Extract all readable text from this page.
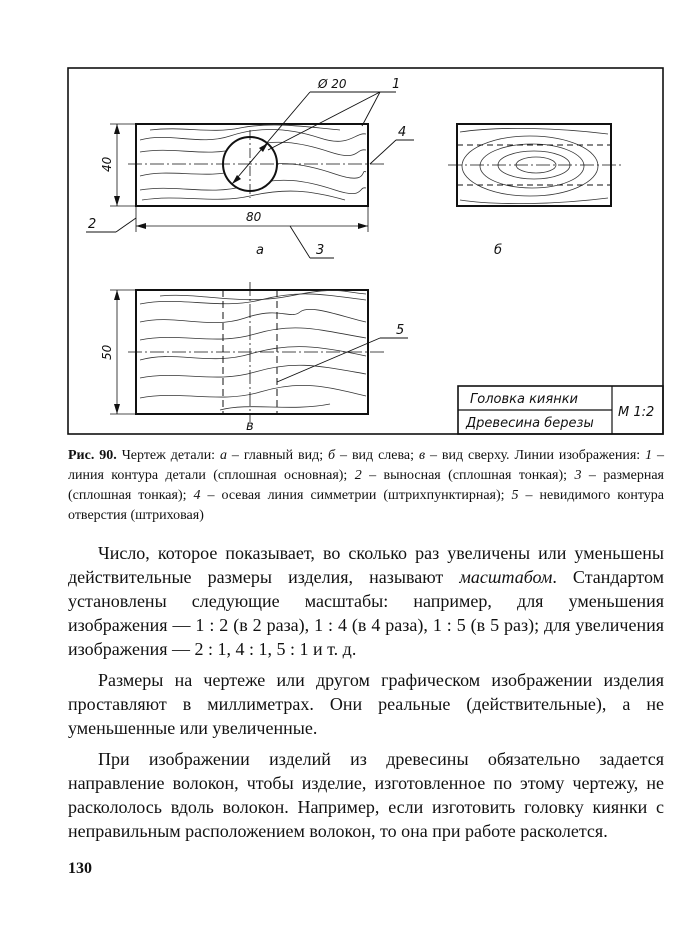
Ø 20	1
4
40
80
2
3
а	б
5
50
в
Головка киянки
Древесина березы
М 1:2
Рис. 90. Чертеж детали: а – главный вид; б – вид слева; в – вид сверху. Линии изображения: 1 – линия контура детали (сплошная основная); 2 – выносная (сплошная тонкая); 3 – размерная (сплошная тонкая); 4 – осевая линия симметрии (штрихпунктирная); 5 – невидимого контура отверстия (штриховая)

Число, которое показывает, во сколько раз увеличены или уменьшены действительные размеры изделия, называют масштабом. Стандартом установлены следующие масштабы: например, для уменьшения изображения — 1 : 2 (в 2 раза), 1 : 4 (в 4 раза), 1 : 5 (в 5 раз); для увеличения изображения — 2 : 1, 4 : 1, 5 : 1 и т. д.

Размеры на чертеже или другом графическом изображении изделия проставляют в миллиметрах. Они реальные (действительные), а не уменьшенные или увеличенные.

При изображении изделий из древесины обязательно задается направление волокон, чтобы изделие, изготовленное по этому чертежу, не раскололось вдоль волокон. Например, если изготовить головку киянки с неправильным расположением волокон, то она при работе расколется.

130
